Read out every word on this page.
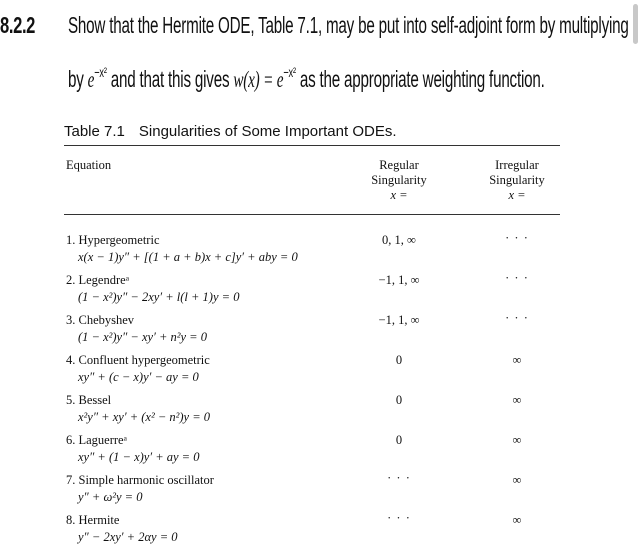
8.2.2 Show that the Hermite ODE, Table 7.1, may be put into self-adjoint form by multiplying
by $e^{-x^2}$ and that this gives $w(x) = e^{-x^2}$ as the appropriate weighting function.
Table 7.1 Singularities of Some Important ODEs.
Equation	Regular
Singularity
x =
Irregular
Singularity
x =
1. Hypergeometric
x(x − 1)y″ + [(1 + a + b)x + c]y′ + aby = 0
0, 1, ∞	· · ·
2. Legendreᵃ
(1 − x²)y″ − 2xy′ + l(l + 1)y = 0
−1, 1, ∞	· · ·
3. Chebyshev
(1 − x²)y″ − xy′ + n²y = 0
−1, 1, ∞	· · ·
4. Confluent hypergeometric
xy″ + (c − x)y′ − ay = 0
0	∞
5. Bessel
x²y″ + xy′ + (x² − n²)y = 0
0	∞
6. Laguerreᵃ
xy″ + (1 − x)y′ + ay = 0
0	∞
7. Simple harmonic oscillator
y″ + ω²y = 0
· · ·	∞
8. Hermite
y″ − 2xy′ + 2αy = 0
· · ·	∞
